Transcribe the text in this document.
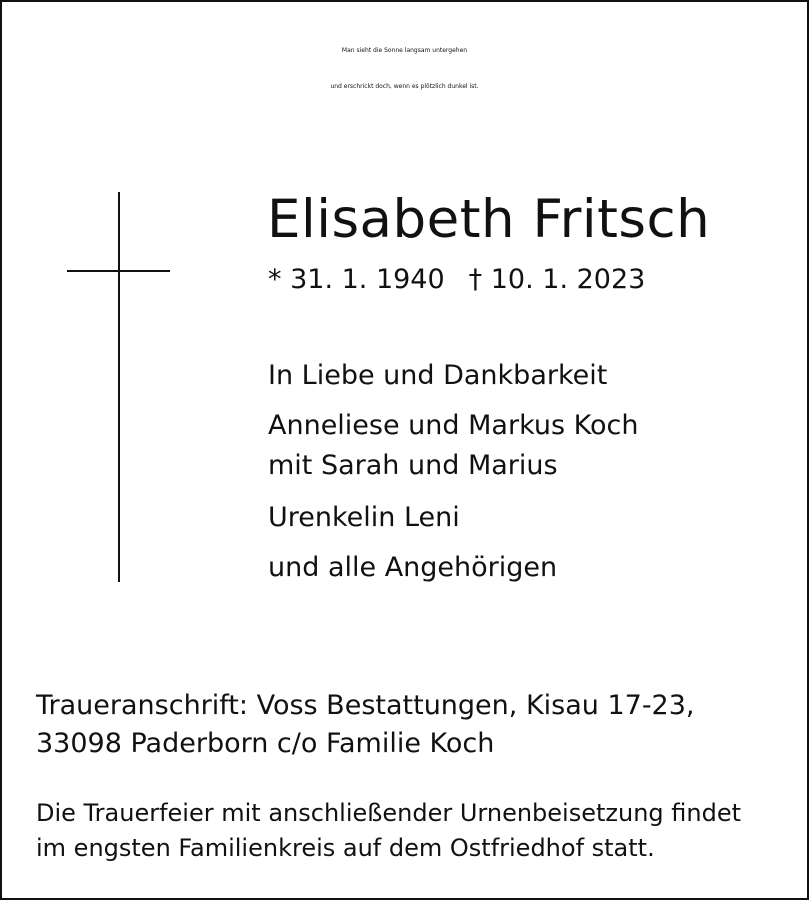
Man sieht die Sonne langsam untergehen
und erschrickt doch, wenn es plötzlich dunkel ist.
Elisabeth Fritsch
* 31. 1. 1940 † 10. 1. 2023
In Liebe und Dankbarkeit
Anneliese und Markus Koch
mit Sarah und Marius
Urenkelin Leni
und alle Angehörigen
Traueranschrift: Voss Bestattungen, Kisau 17-23,
33098 Paderborn c/o Familie Koch
Die Trauerfeier mit anschließender Urnenbeisetzung findet
im engsten Familienkreis auf dem Ostfriedhof statt.
